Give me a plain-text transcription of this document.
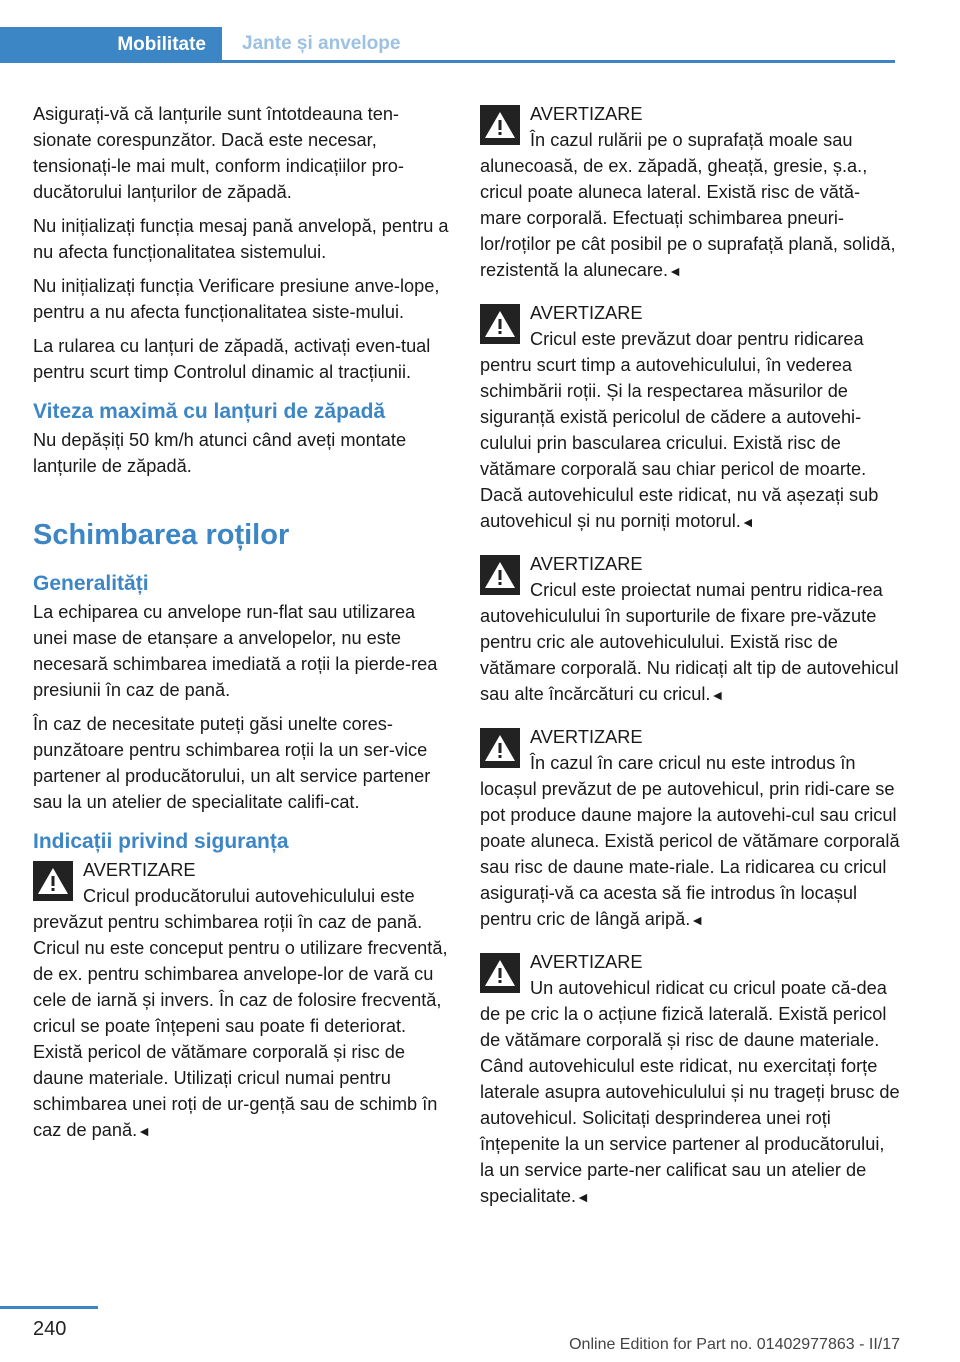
Mobilitate Jante și anvelope

Asigurați-vă că lanțurile sunt întotdeauna ten‐sionate corespunzător. Dacă este necesar, tensionați-le mai mult, conform indicațiilor pro‐ducătorului lanțurilor de zăpadă.

Nu inițializați funcția mesaj pană anvelopă, pentru a nu afecta funcționalitatea sistemului.

Nu inițializați funcția Verificare presiune anve‐lope, pentru a nu afecta funcționalitatea siste‐mului.

La rularea cu lanțuri de zăpadă, activați even‐tual pentru scurt timp Controlul dinamic al tracțiunii.

Viteza maximă cu lanțuri de zăpadă

Nu depășiți 50 km/h atunci când aveți montate lanțurile de zăpadă.

Schimbarea roților
Generalități

La echiparea cu anvelope run-flat sau utilizarea unei mase de etanșare a anvelopelor, nu este necesară schimbarea imediată a roții la pierde‐rea presiunii în caz de pană.

În caz de necesitate puteți găsi unelte cores‐punzătoare pentru schimbarea roții la un ser‐vice partener al producătorului, un alt service partener sau la un atelier de specialitate califi‐cat.

Indicații privind siguranța
AVERTIZARE
Cricul producătorului autovehiculului este prevăzut pentru schimbarea roții în caz de pană. Cricul nu este conceput pentru o utilizare frecventă, de ex. pentru schimbarea anvelope‐lor de vară cu cele de iarnă și invers. În caz de folosire frecventă, cricul se poate înțepeni sau poate fi deteriorat. Există pericol de vătămare corporală și risc de daune materiale. Utilizați cricul numai pentru schimbarea unei roți de ur‐gență sau de schimb în caz de pană.◄
AVERTIZARE
În cazul rulării pe o suprafață moale sau alunecoasă, de ex. zăpadă, gheață, gresie, ș.a., cricul poate aluneca lateral. Există risc de vătă‐mare corporală. Efectuați schimbarea pneuri‐lor/roților pe cât posibil pe o suprafață plană, solidă, rezistentă la alunecare.◄
AVERTIZARE
Cricul este prevăzut doar pentru ridicarea pentru scurt timp a autovehiculului, în vederea schimbării roții. Și la respectarea măsurilor de siguranță există pericolul de cădere a autovehi‐culului prin bascularea cricului. Există risc de vătămare corporală sau chiar pericol de moarte. Dacă autovehiculul este ridicat, nu vă așezați sub autovehicul și nu porniți motorul.◄
AVERTIZARE
Cricul este proiectat numai pentru ridica‐rea autovehiculului în suporturile de fixare pre‐văzute pentru cric ale autovehiculului. Există risc de vătămare corporală. Nu ridicați alt tip de autovehicul sau alte încărcături cu cricul.◄
AVERTIZARE
În cazul în care cricul nu este introdus în locașul prevăzut de pe autovehicul, prin ridi‐care se pot produce daune majore la autovehi‐cul sau cricul poate aluneca. Există pericol de vătămare corporală sau risc de daune mate‐riale. La ridicarea cu cricul asigurați-vă ca acesta să fie introdus în locașul pentru cric de lângă aripă.◄
AVERTIZARE
Un autovehicul ridicat cu cricul poate că‐dea de pe cric la o acțiune fizică laterală. Există pericol de vătămare corporală și risc de daune materiale. Când autovehiculul este ridicat, nu exercitați forțe laterale asupra autovehiculului și nu trageți brusc de autovehicul. Solicitați desprinderea unei roți înțepenite la un service partener al producătorului, la un service parte‐ner calificat sau un atelier de specialitate.◄
240
Online Edition for Part no. 01402977863 - II/17
